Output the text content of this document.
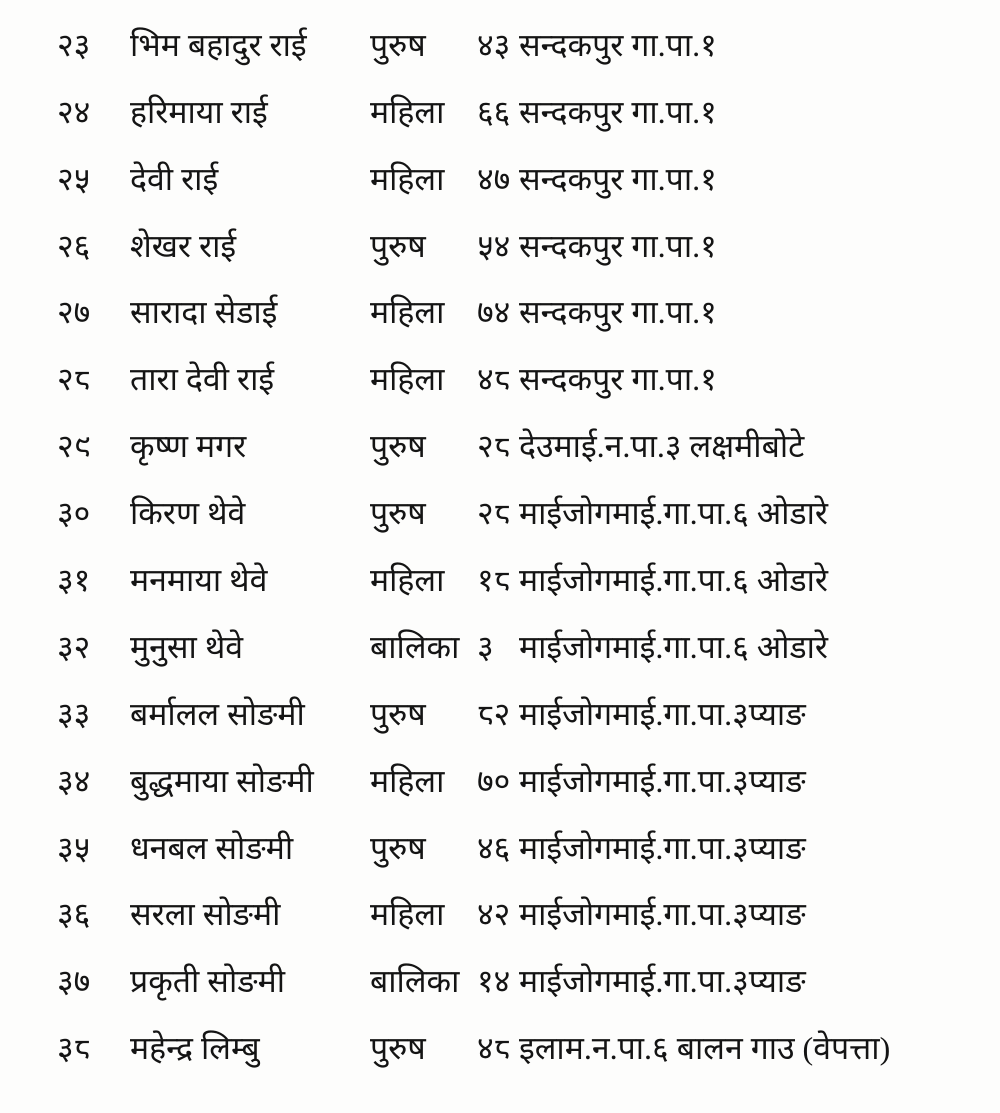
२३	भिम बहादुर राई	पुरुष	४३ सन्दकपुर गा.पा.१
२४	हरिमाया राई	महिला	६६ सन्दकपुर गा.पा.१
२५	देवी राई	महिला	४७ सन्दकपुर गा.पा.१
२६	शेखर राई	पुरुष	५४ सन्दकपुर गा.पा.१
२७	सारादा सेडाई	महिला	७४ सन्दकपुर गा.पा.१
२८	तारा देवी राई	महिला	४८ सन्दकपुर गा.पा.१
२९	कृष्ण मगर	पुरुष	२८ देउमाई.न.पा.३ लक्षमीबोटे
३०	किरण थेवे	पुरुष	२८ माईजोगमाई.गा.पा.६ ओडारे
३१	मनमाया थेवे	महिला	१८ माईजोगमाई.गा.पा.६ ओडारे
३२	मुनुसा थेवे	बालिका ३ माईजोगमाई.गा.पा.६ ओडारे
३३	बर्मालल सोङमी	पुरुष	८२ माईजोगमाई.गा.पा.३प्याङ
३४	बुद्धमाया सोङमी	महिला	७० माईजोगमाई.गा.पा.३प्याङ
३५	धनबल सोङमी	पुरुष	४६ माईजोगमाई.गा.पा.३प्याङ
३६	सरला सोङमी	महिला	४२ माईजोगमाई.गा.पा.३प्याङ
३७	प्रकृती सोङमी	बालिका १४ माईजोगमाई.गा.पा.३प्याङ
३८	महेन्द्र लिम्बु	पुरुष	४८ इलाम.न.पा.६ बालन गाउ (वेपत्ता)
